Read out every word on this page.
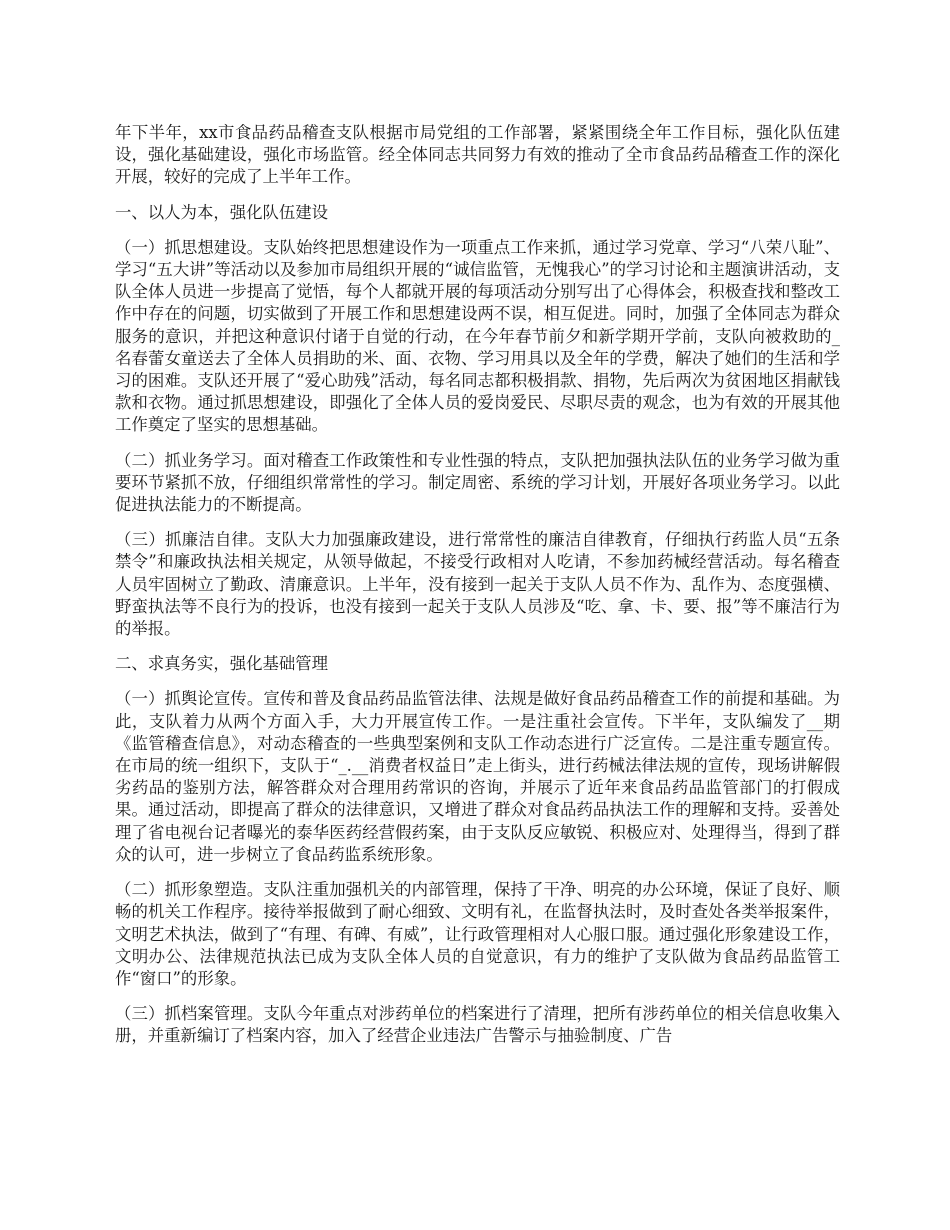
年下半年，xx市食品药品稽查支队根据市局党组的工作部署，紧紧围绕全年工作目标，强化队伍建设，强化基础建设，强化市场监管。经全体同志共同努力有效的推动了全市食品药品稽查工作的深化开展，较好的完成了上半年工作。

一、以人为本，强化队伍建设

（一）抓思想建设。支队始终把思想建设作为一项重点工作来抓，通过学习党章、学习“八荣八耻”、学习“五大讲”等活动以及参加市局组织开展的“诚信监管，无愧我心”的学习讨论和主题演讲活动，支队全体人员进一步提高了觉悟，每个人都就开展的每项活动分别写出了心得体会，积极查找和整改工作中存在的问题，切实做到了开展工作和思想建设两不误，相互促进。同时，加强了全体同志为群众服务的意识，并把这种意识付诸于自觉的行动，在今年春节前夕和新学期开学前，支队向被救助的_名春蕾女童送去了全体人员捐助的米、面、衣物、学习用具以及全年的学费，解决了她们的生活和学习的困难。支队还开展了“爱心助残”活动，每名同志都积极捐款、捐物，先后两次为贫困地区捐献钱款和衣物。通过抓思想建设，即强化了全体人员的爱岗爱民、尽职尽责的观念，也为有效的开展其他工作奠定了坚实的思想基础。

（二）抓业务学习。面对稽查工作政策性和专业性强的特点，支队把加强执法队伍的业务学习做为重要环节紧抓不放，仔细组织常常性的学习。制定周密、系统的学习计划，开展好各项业务学习。以此促进执法能力的不断提高。

（三）抓廉洁自律。支队大力加强廉政建设，进行常常性的廉洁自律教育，仔细执行药监人员“五条禁令”和廉政执法相关规定，从领导做起，不接受行政相对人吃请，不参加药械经营活动。每名稽查人员牢固树立了勤政、清廉意识。上半年，没有接到一起关于支队人员不作为、乱作为、态度强横、野蛮执法等不良行为的投诉，也没有接到一起关于支队人员涉及“吃、拿、卡、要、报”等不廉洁行为的举报。

二、求真务实，强化基础管理

（一）抓舆论宣传。宣传和普及食品药品监管法律、法规是做好食品药品稽查工作的前提和基础。为此，支队着力从两个方面入手，大力开展宣传工作。一是注重社会宣传。下半年，支队编发了__期《监管稽查信息》，对动态稽查的一些典型案例和支队工作动态进行广泛宣传。二是注重专题宣传。在市局的统一组织下，支队于“_.__消费者权益日”走上街头，进行药械法律法规的宣传，现场讲解假劣药品的鉴别方法，解答群众对合理用药常识的咨询，并展示了近年来食品药品监管部门的打假成果。通过活动，即提高了群众的法律意识，又增进了群众对食品药品执法工作的理解和支持。妥善处理了省电视台记者曝光的泰华医药经营假药案，由于支队反应敏锐、积极应对、处理得当，得到了群众的认可，进一步树立了食品药监系统形象。

（二）抓形象塑造。支队注重加强机关的内部管理，保持了干净、明亮的办公环境，保证了良好、顺畅的机关工作程序。接待举报做到了耐心细致、文明有礼，在监督执法时，及时查处各类举报案件，文明艺术执法，做到了“有理、有碑、有威”，让行政管理相对人心服口服。通过强化形象建设工作，文明办公、法律规范执法已成为支队全体人员的自觉意识，有力的维护了支队做为食品药品监管工作“窗口”的形象。

（三）抓档案管理。支队今年重点对涉药单位的档案进行了清理，把所有涉药单位的相关信息收集入册，并重新编订了档案内容，加入了经营企业违法广告警示与抽验制度、广告
